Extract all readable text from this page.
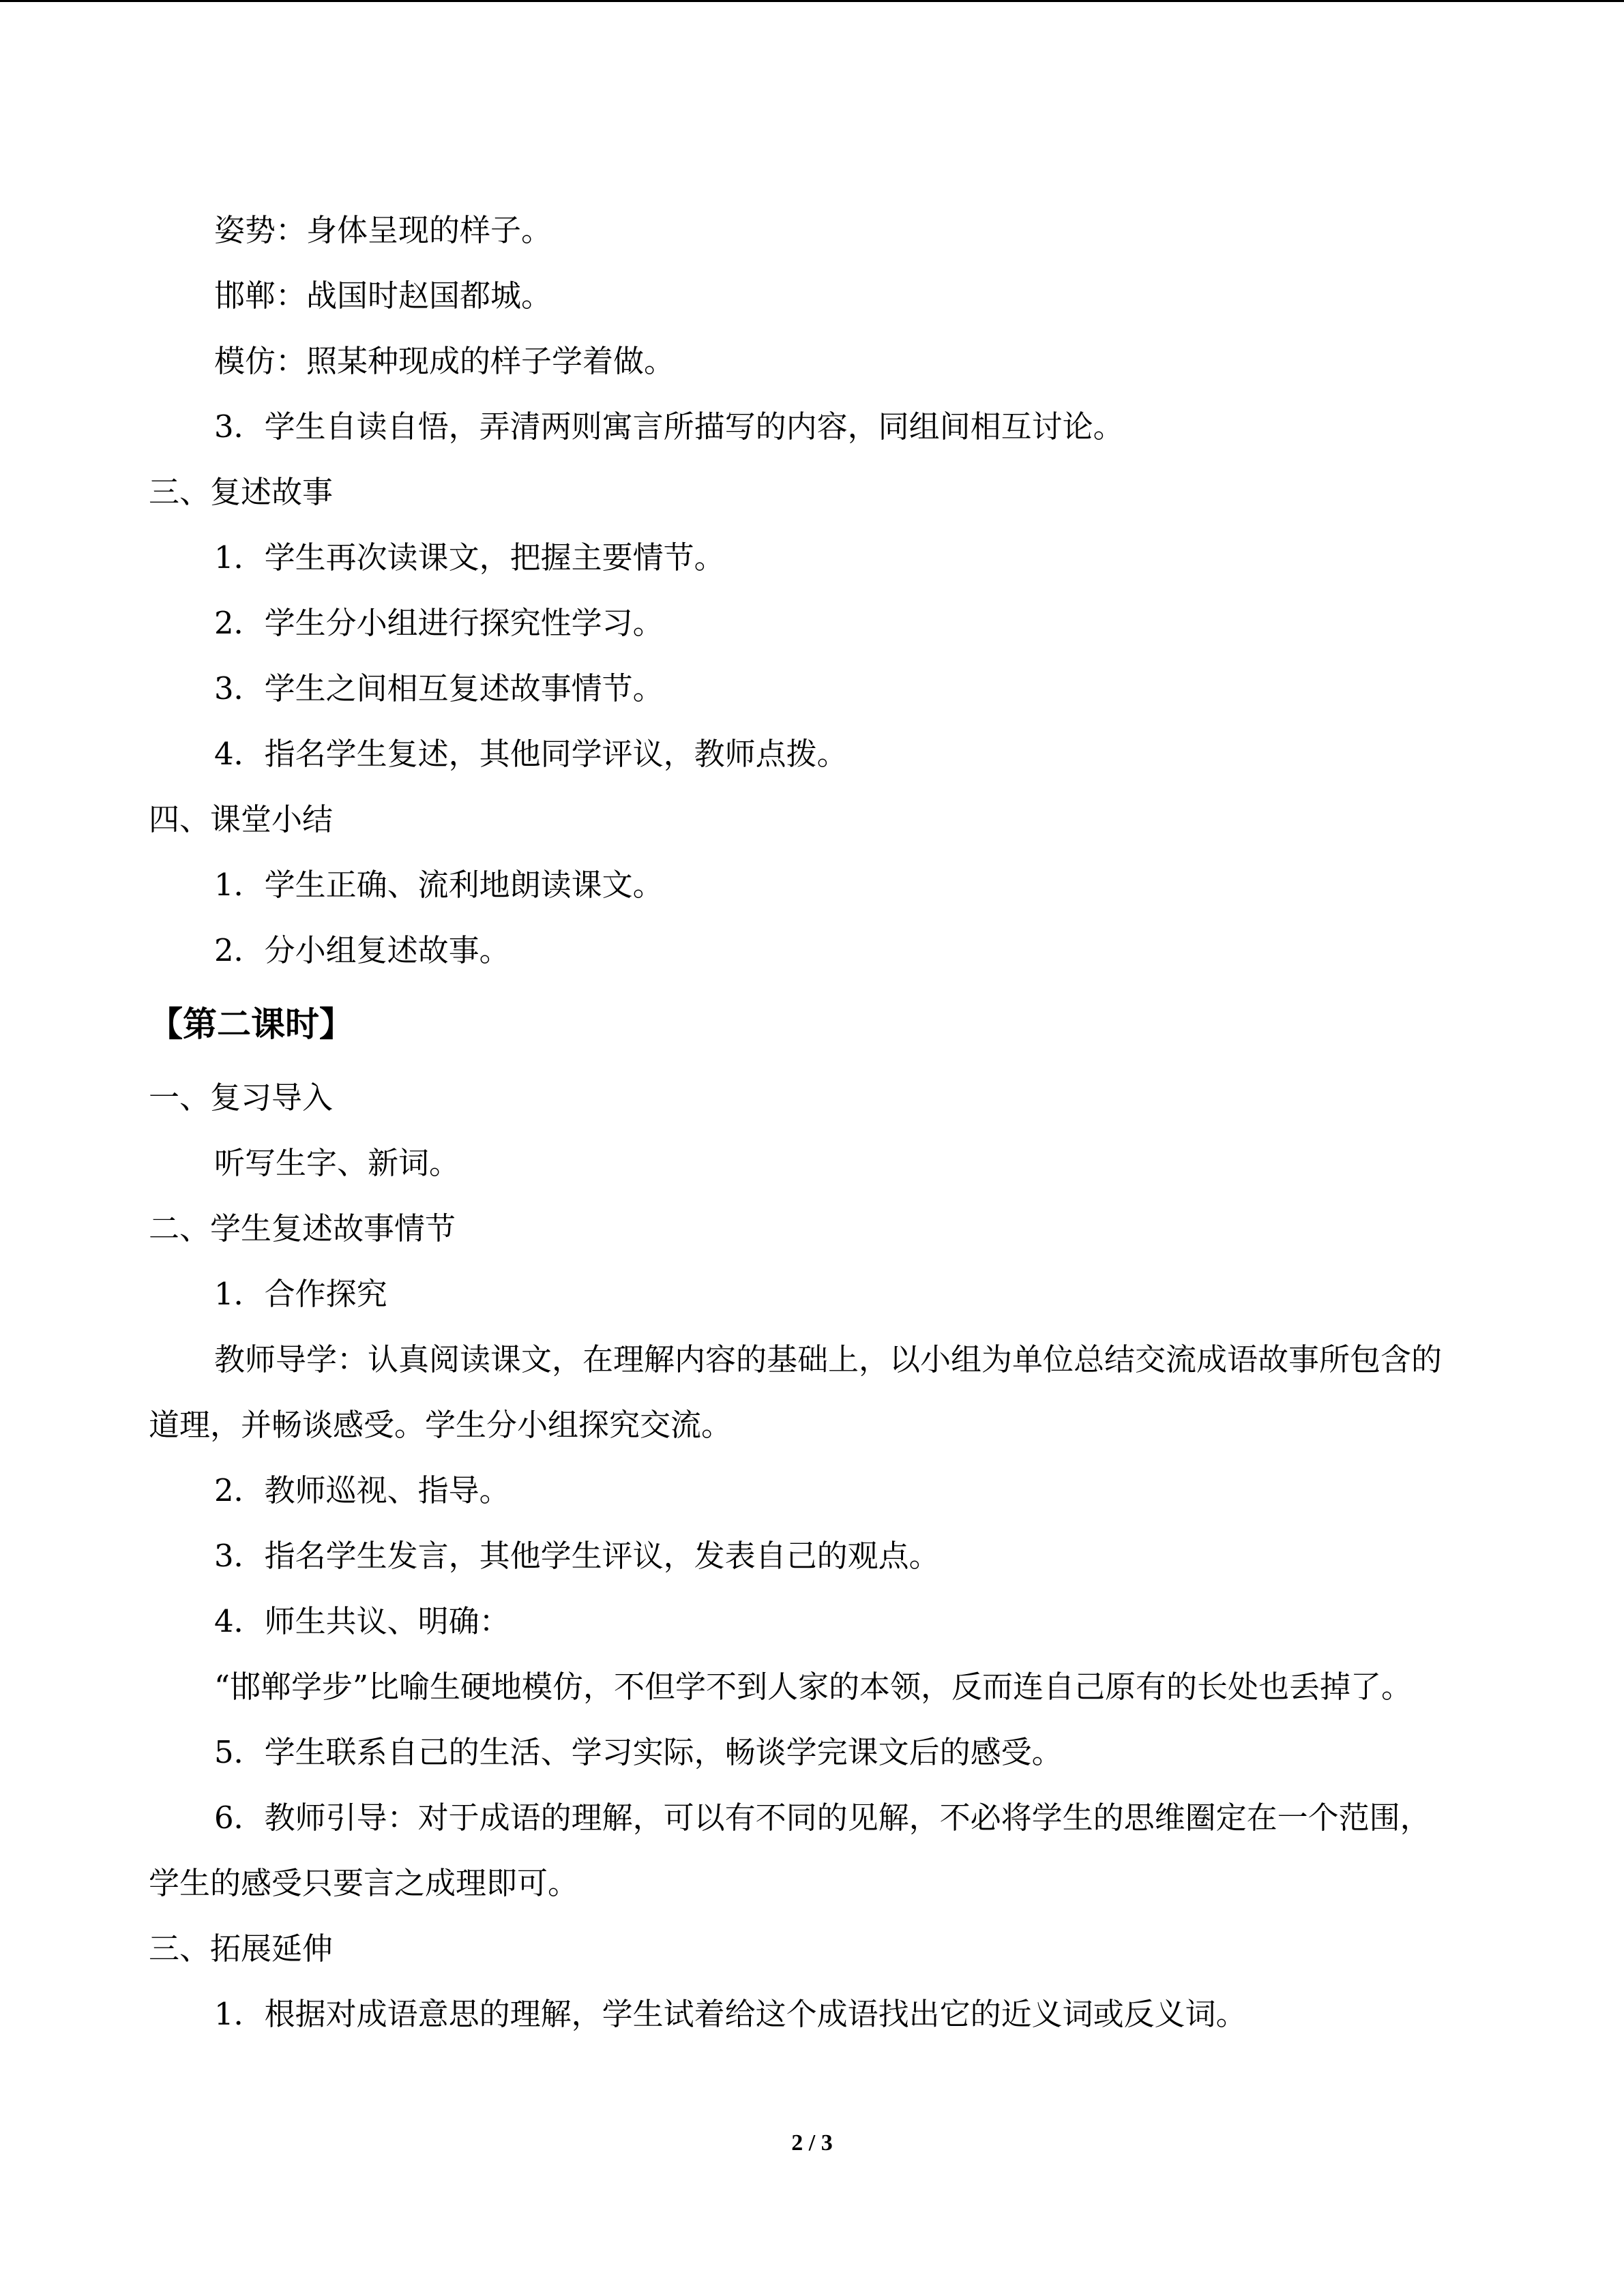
姿势：身体呈现的样子。
邯郸：战国时赵国都城。
模仿：照某种现成的样子学着做。
3．学生自读自悟，弄清两则寓言所描写的内容，同组间相互讨论。
三、复述故事
1．学生再次读课文，把握主要情节。
2．学生分小组进行探究性学习。
3．学生之间相互复述故事情节。
4．指名学生复述，其他同学评议，教师点拨。
四、课堂小结
1．学生正确、流利地朗读课文。
2．分小组复述故事。
【第二课时】
一、复习导入
听写生字、新词。
二、学生复述故事情节
1．合作探究
教师导学：认真阅读课文，在理解内容的基础上，以小组为单位总结交流成语故事所包含的道理，并畅谈感受。学生分小组探究交流。
2．教师巡视、指导。
3．指名学生发言，其他学生评议，发表自己的观点。
4．师生共议、明确：
“邯郸学步”比喻生硬地模仿，不但学不到人家的本领，反而连自己原有的长处也丢掉了。
5．学生联系自己的生活、学习实际，畅谈学完课文后的感受。
6．教师引导：对于成语的理解，可以有不同的见解，不必将学生的思维圈定在一个范围，学生的感受只要言之成理即可。
三、拓展延伸
1．根据对成语意思的理解，学生试着给这个成语找出它的近义词或反义词。
2 / 3
